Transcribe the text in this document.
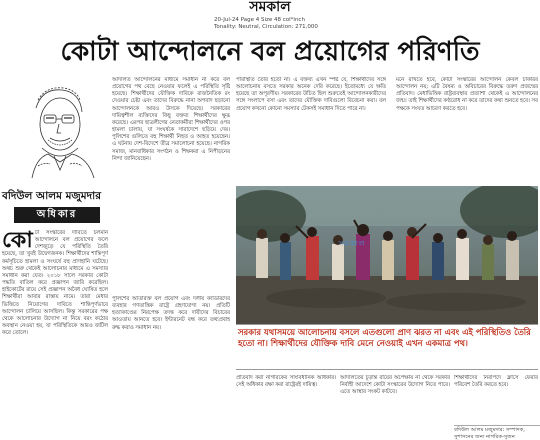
সমকাল
20-Jul-24 Page 4 Size 48 col*inch
Tonality: Neutral, Circulation: 271,000
কোটা আন্দোলনে বল প্রয়োগের পরিণতি
বদিউল আলম মজুমদার
অধিকার
কো টা সংস্কারের দাবিতে চলমান আন্দোলনে বল প্রয়োগের ফলে দেশজুড়ে যে পরিস্থিতি তৈরি হয়েছে, তা খুবই উদ্বেগজনক। শিক্ষার্থীদের শান্তিপূর্ণ কর্মসূচিতে হামলা ও সংঘর্ষে বহু প্রাণহানি ঘটেছে। অথচ শুরু থেকেই আলোচনার মাধ্যমে এ সমস্যার সমাধান করা যেত। ২০১৮ সালে সরকার কোটা পদ্ধতি বাতিল করে প্রজ্ঞাপন জারি করেছিল। হাইকোর্টের রায়ে সেই প্রজ্ঞাপন অবৈধ ঘোষিত হলে শিক্ষার্থীরা আবার রাস্তায় নামে। তারা মেধার ভিত্তিতে নিয়োগের দাবিতে শান্তিপূর্ণভাবে আন্দোলন চালিয়ে আসছিল। কিন্তু সরকারের পক্ষ থেকে আলোচনার উদ্যোগ না নিয়ে বরং কঠোর অবস্থান নেওয়া হয়, যা পরিস্থিতিকে আরও জটিল করে তোলে।
আদালত আন্দোলনের মাধ্যমে সমাধান না করে বল প্রয়োগের পথ বেছে নেওয়ার ফলেই এ পরিস্থিতি সৃষ্টি হয়েছে। শিক্ষার্থীদের যৌক্তিক দাবিকে রাজনৈতিক রং দেওয়ার চেষ্টা এবং তাদের বিরুদ্ধে নানা অপবাদ ছড়ানো আন্দোলনকে আরও উসকে দিয়েছে। সরকারের দায়িত্বশীল ব্যক্তিদের কিছু বক্তব্য শিক্ষার্থীদের ক্ষুব্ধ করেছে। এরপর ছাত্রলীগের নেতাকর্মীরা শিক্ষার্থীদের ওপর হামলা চালায়, যা সংঘর্ষকে সারাদেশে ছড়িয়ে দেয়। পুলিশের গুলিতে বহু শিক্ষার্থী নিহত ও আহত হয়েছেন। এ ঘটনায় দেশ-বিদেশে তীব্র সমালোচনা হয়েছে। নাগরিক সমাজ, মানবাধিকার সংগঠন ও শিক্ষকরা এ নিপীড়নের নিন্দা জানিয়েছেন।
পুলিশের অতিরিক্ত বল প্রয়োগ এবং দলীয় ক্যাডারদের ব্যবহার গণতান্ত্রিক রাষ্ট্রে গ্রহণযোগ্য নয়। প্রতিটি হত্যাকাণ্ডের নিরপেক্ষ তদন্ত করে দায়ীদের বিচারের আওতায় আনতে হবে। ইন্টারনেট বন্ধ করে তথ্যপ্রবাহ রুদ্ধ করাও সমাধান নয়।
পরিস্থিতি তৈরি হতো না। এ বক্তব্য এখন স্পষ্ট যে, শিক্ষার্থীদের সঙ্গে আলোচনায় বসতে সরকার অনেক দেরি করেছে। ইতোমধ্যে যে ক্ষতি হয়েছে তা অপূরণীয়। সরকারের উচিত ছিল শুরুতেই আন্দোলনকারীদের সঙ্গে সংলাপে বসা এবং তাদের যৌক্তিক দাবিগুলো বিবেচনা করা। বল প্রয়োগ কখনো কোনো সমস্যার টেকসই সমাধান দিতে পারে না।
মনে রাখতে হবে, কোটা সংস্কারের আন্দোলন কেবল চাকরির আন্দোলন নয়; এটি বৈষম্য ও অবিচারের বিরুদ্ধে তরুণ প্রজন্মের প্রতিবাদ। মেধাভিত্তিক রাষ্ট্রব্যবস্থার প্রত্যাশা থেকেই এ আন্দোলনের জন্ম। তাই শিক্ষার্থীদের কণ্ঠরোধ না করে তাদের কথা শুনতে হবে। সব পক্ষকে সংযত আচরণ করতে হবে।
সমকাল
সরকার যথাসময়ে আলোচনায় বসলে এতগুলো প্রাণ ঝরত না এবং এই পরিস্থিতিও তৈরি হতো না। শিক্ষার্থীদের যৌক্তিক দাবি মেনে নেওয়াই এখন একমাত্র পথ।
প্রতিবাদ করা নাগরিকের সাংবিধানিক অধিকার। সেই অধিকার রক্ষা করা রাষ্ট্রেরই দায়িত্ব।
আদালতের চূড়ান্ত রায়ের অপেক্ষায় না থেকে সরকার নির্বাহী আদেশে কোটা সংস্কারের উদ্যোগ নিতে পারে। এতে আস্থার সংকট কাটবে।
শিক্ষার্থীদের নিরাপদে ক্লাসে ফেরার পরিবেশ তৈরি করতে হবে।
বদিউল আলম মজুমদার: সম্পাদক, সুশাসনের জন্য নাগরিক-সুজন
